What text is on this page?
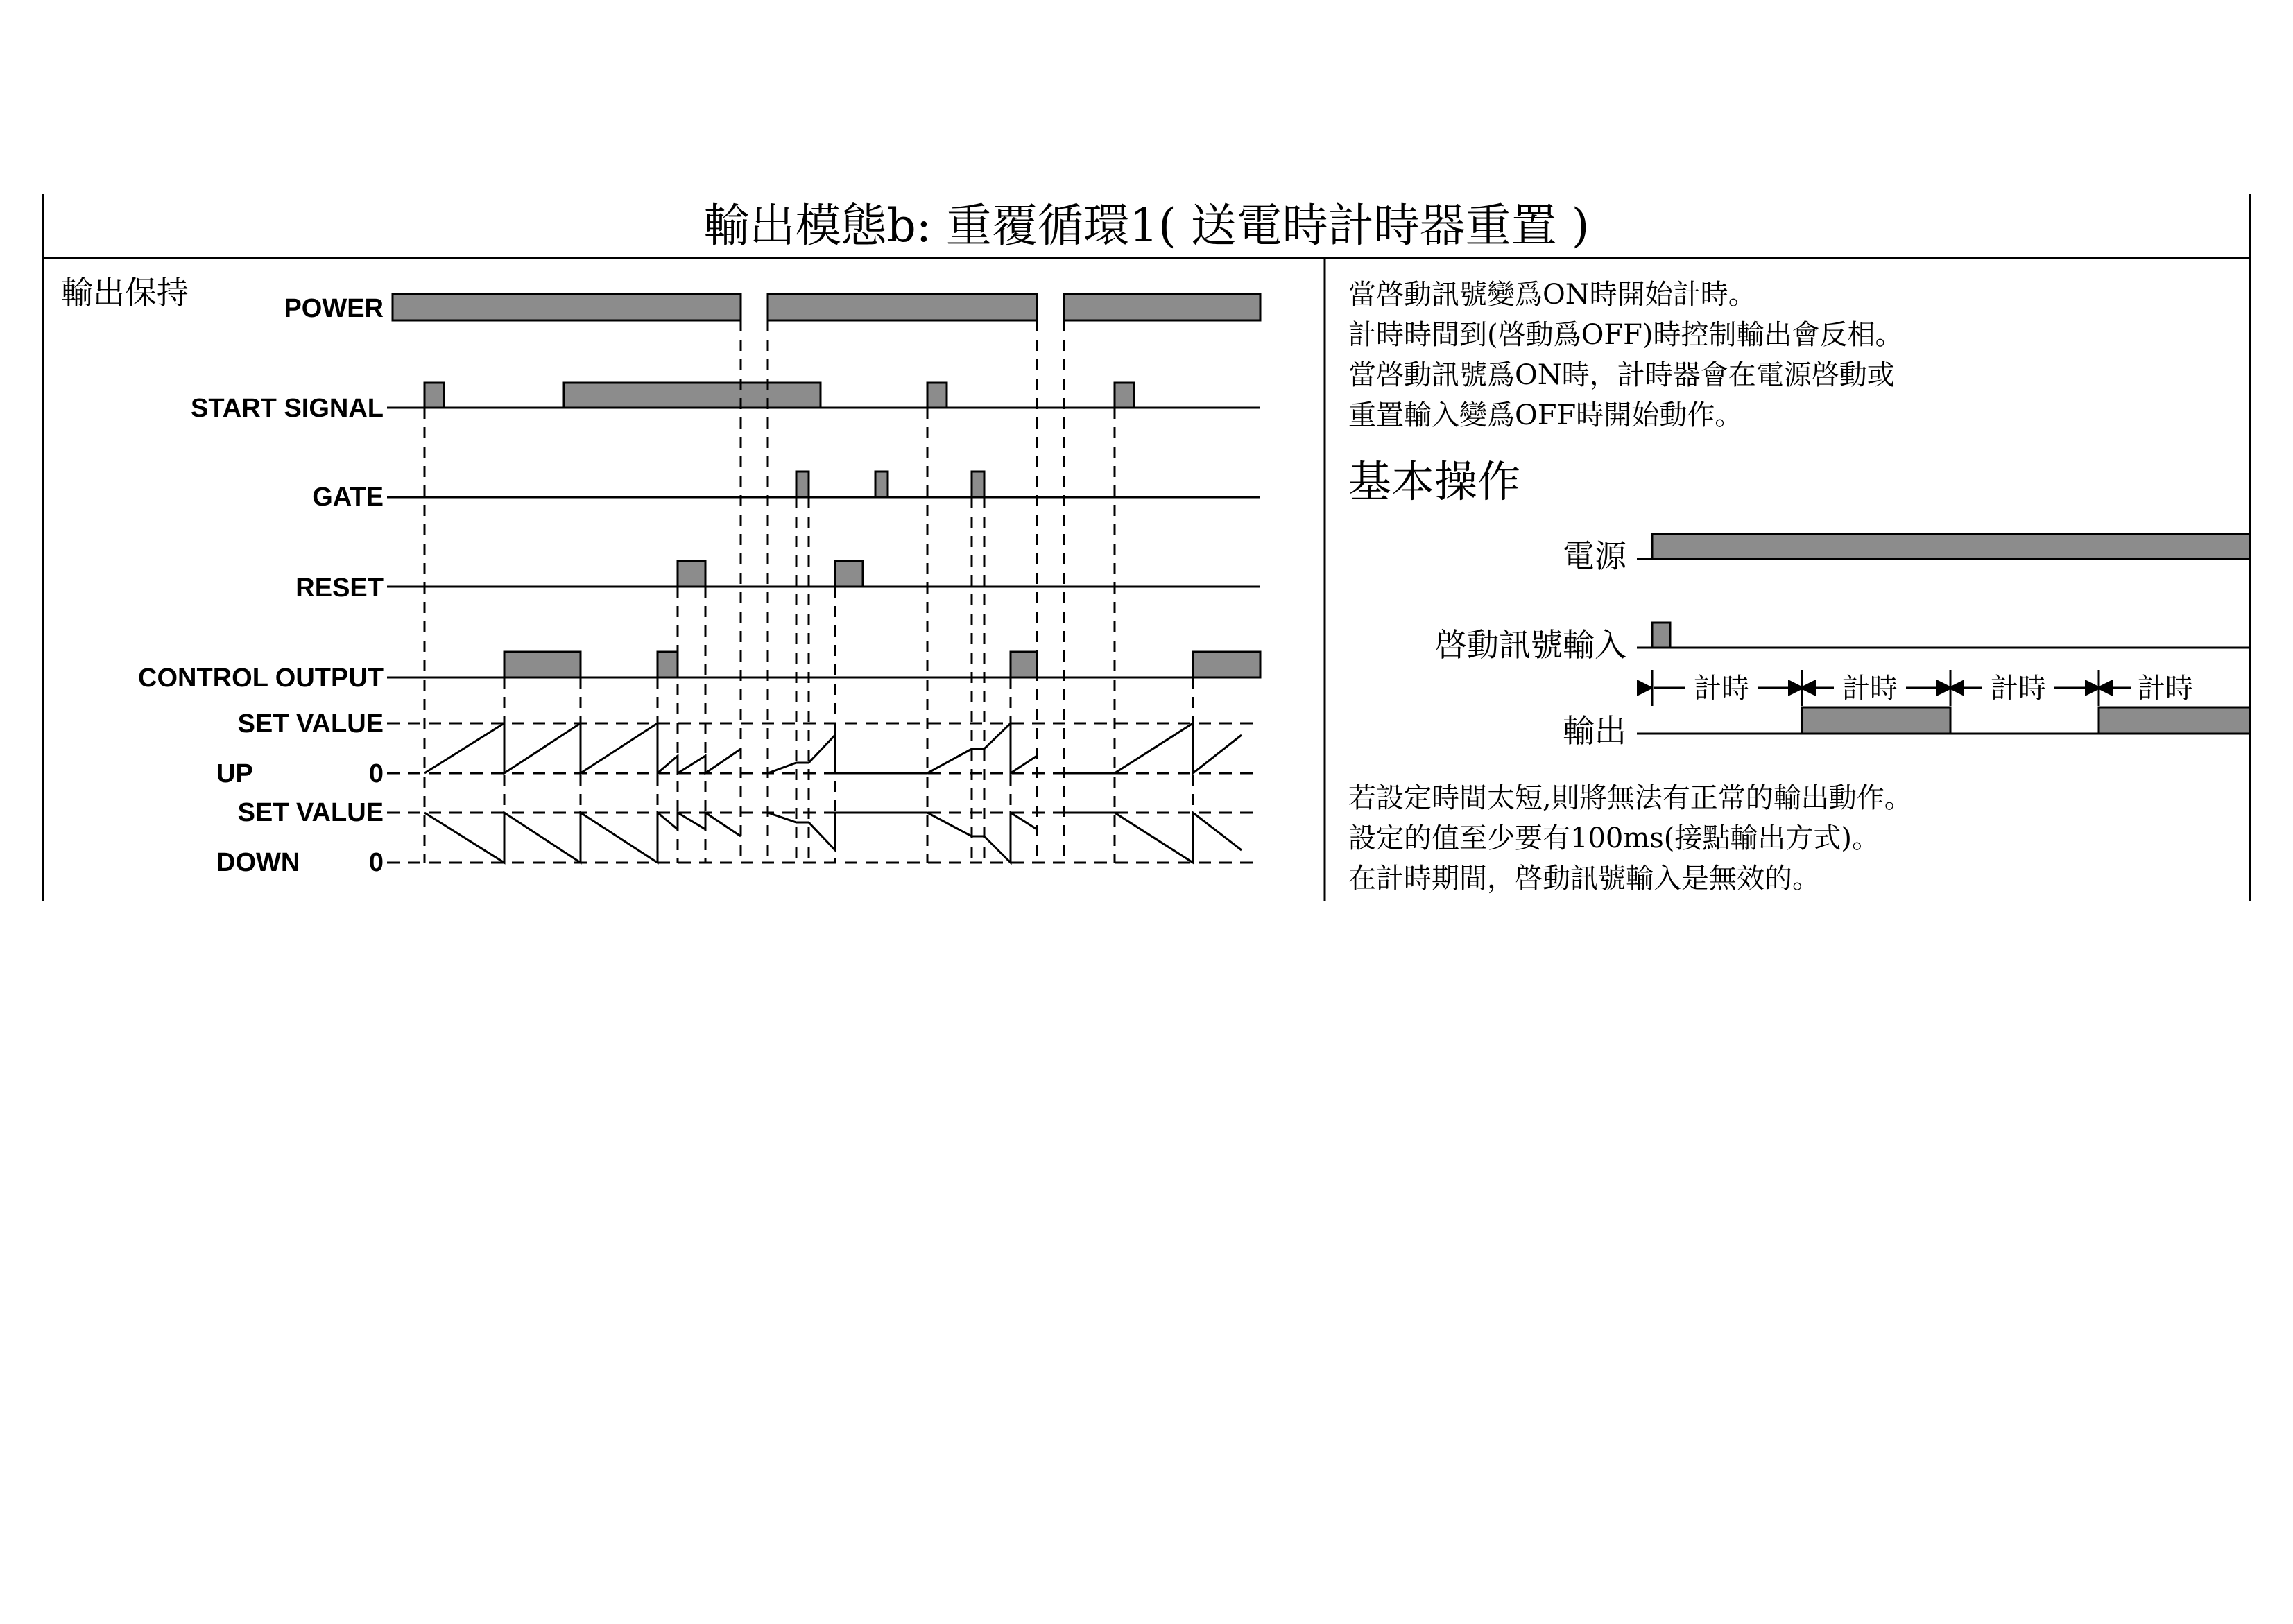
輸出模態b: 重覆循環1( 送電時計時器重置 )
輸出保持	POWER
START SIGNAL
GATE
RESET
CONTROL OUTPUT
SET VALUE
0
SET VALUE
0
UP
DOWN
當啓動訊號變爲ON時開始計時。
計時時間到(啓動爲OFF)時控制輸出會反相。
當啓動訊號爲ON時，計時器會在電源啓動或
重置輸入變爲OFF時開始動作。
基本操作
電源
啓動訊號輸入
輸出
計時	計時	計時	計時
若設定時間太短,則將無法有正常的輸出動作。
設定的值至少要有100ms(接點輸出方式)。
在計時期間，啓動訊號輸入是無效的。
